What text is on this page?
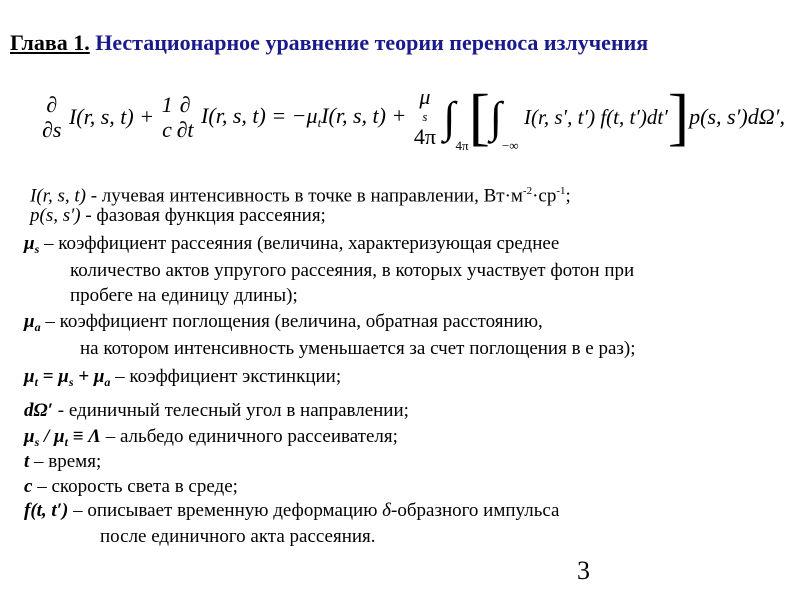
Глава 1. Нестационарное уравнение теории переноса излучения
∂
∂s
I(r, s, t) + 1
c
∂
∂t
I(r, s, $t) = -\mu_tI(r$, s, t) +
μ
s
4π $\int_{4\pi}[\int_{-\infty}$ I(r, s′, t′) f(t, t′)dt′]p(s, s′)dΩ′,
I(r, s, t) - лучевая интенсивность в точке в направлении, $Вт\cdot м^{-2}\cdot ср^{-1}$;
p(s, s′) - фазовая функция рассеяния;
$\mu_s$ – коэффициент рассеяния (величина, характеризующая среднее
количество актов упругого рассеяния, в которых участвует фотон при
пробеге на единицу длины);
$\mu_a$ – коэффициент поглощения (величина, обратная расстоянию,
на котором интенсивность уменьшается за счет поглощения в е раз);
$\mu_t = \mu_s + \mu_a$ – коэффициент экстинкции;
dΩ′ - единичный телесный угол в направлении;
$\mu_s / \mu_t \equiv \Lambda$ – альбедо единичного рассеивателя;
t – время;
c – скорость света в среде;
f(t, t′) – описывает временную деформацию δ-образного импульса
после единичного акта рассеяния.
3
